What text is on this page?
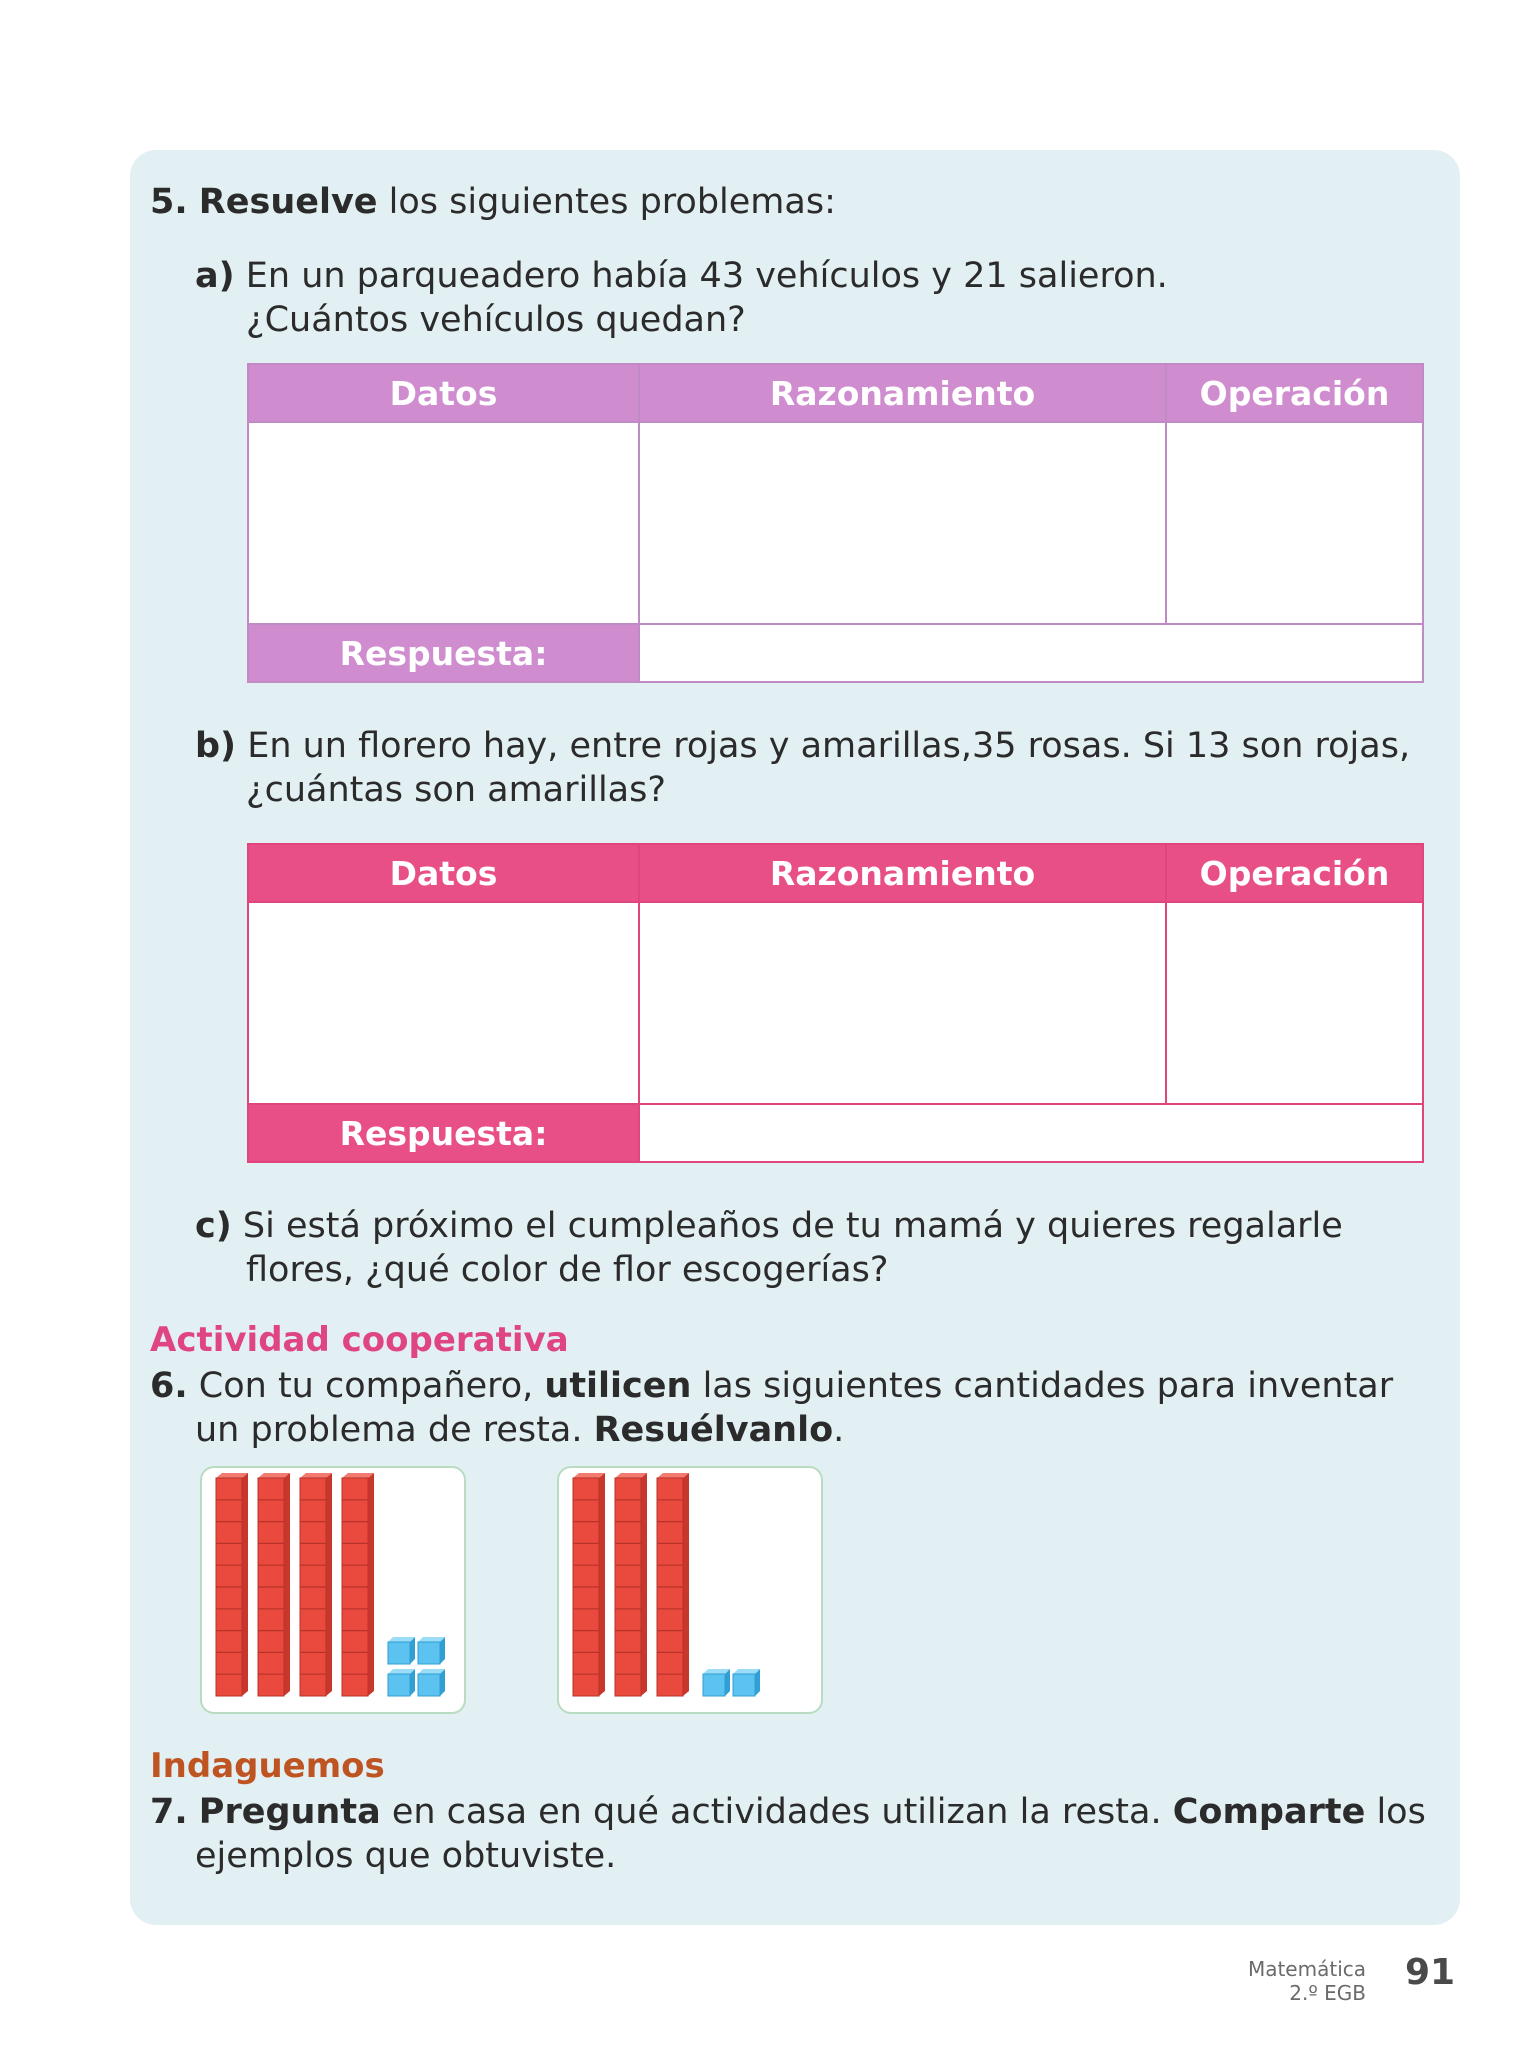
5. Resuelve los siguientes problemas:
a) En un parqueadero había 43 vehículos y 21 salieron.
¿Cuántos vehículos quedan?
Datos	Razonamiento	Operación

Respuesta:		
b) En un florero hay, entre rojas y amarillas,35 rosas. Si 13 son rojas,
¿cuántas son amarillas?
Datos	Razonamiento	Operación

Respuesta:		
c) Si está próximo el cumpleaños de tu mamá y quieres regalarle
flores, ¿qué color de flor escogerías?
Actividad cooperativa
6. Con tu compañero, utilicen las siguientes cantidades para inventar
un problema de resta. Resuélvanlo.
Indaguemos
7. Pregunta en casa en qué actividades utilizan la resta. Comparte los
ejemplos que obtuviste.
Matemática
2.º EGB 91
